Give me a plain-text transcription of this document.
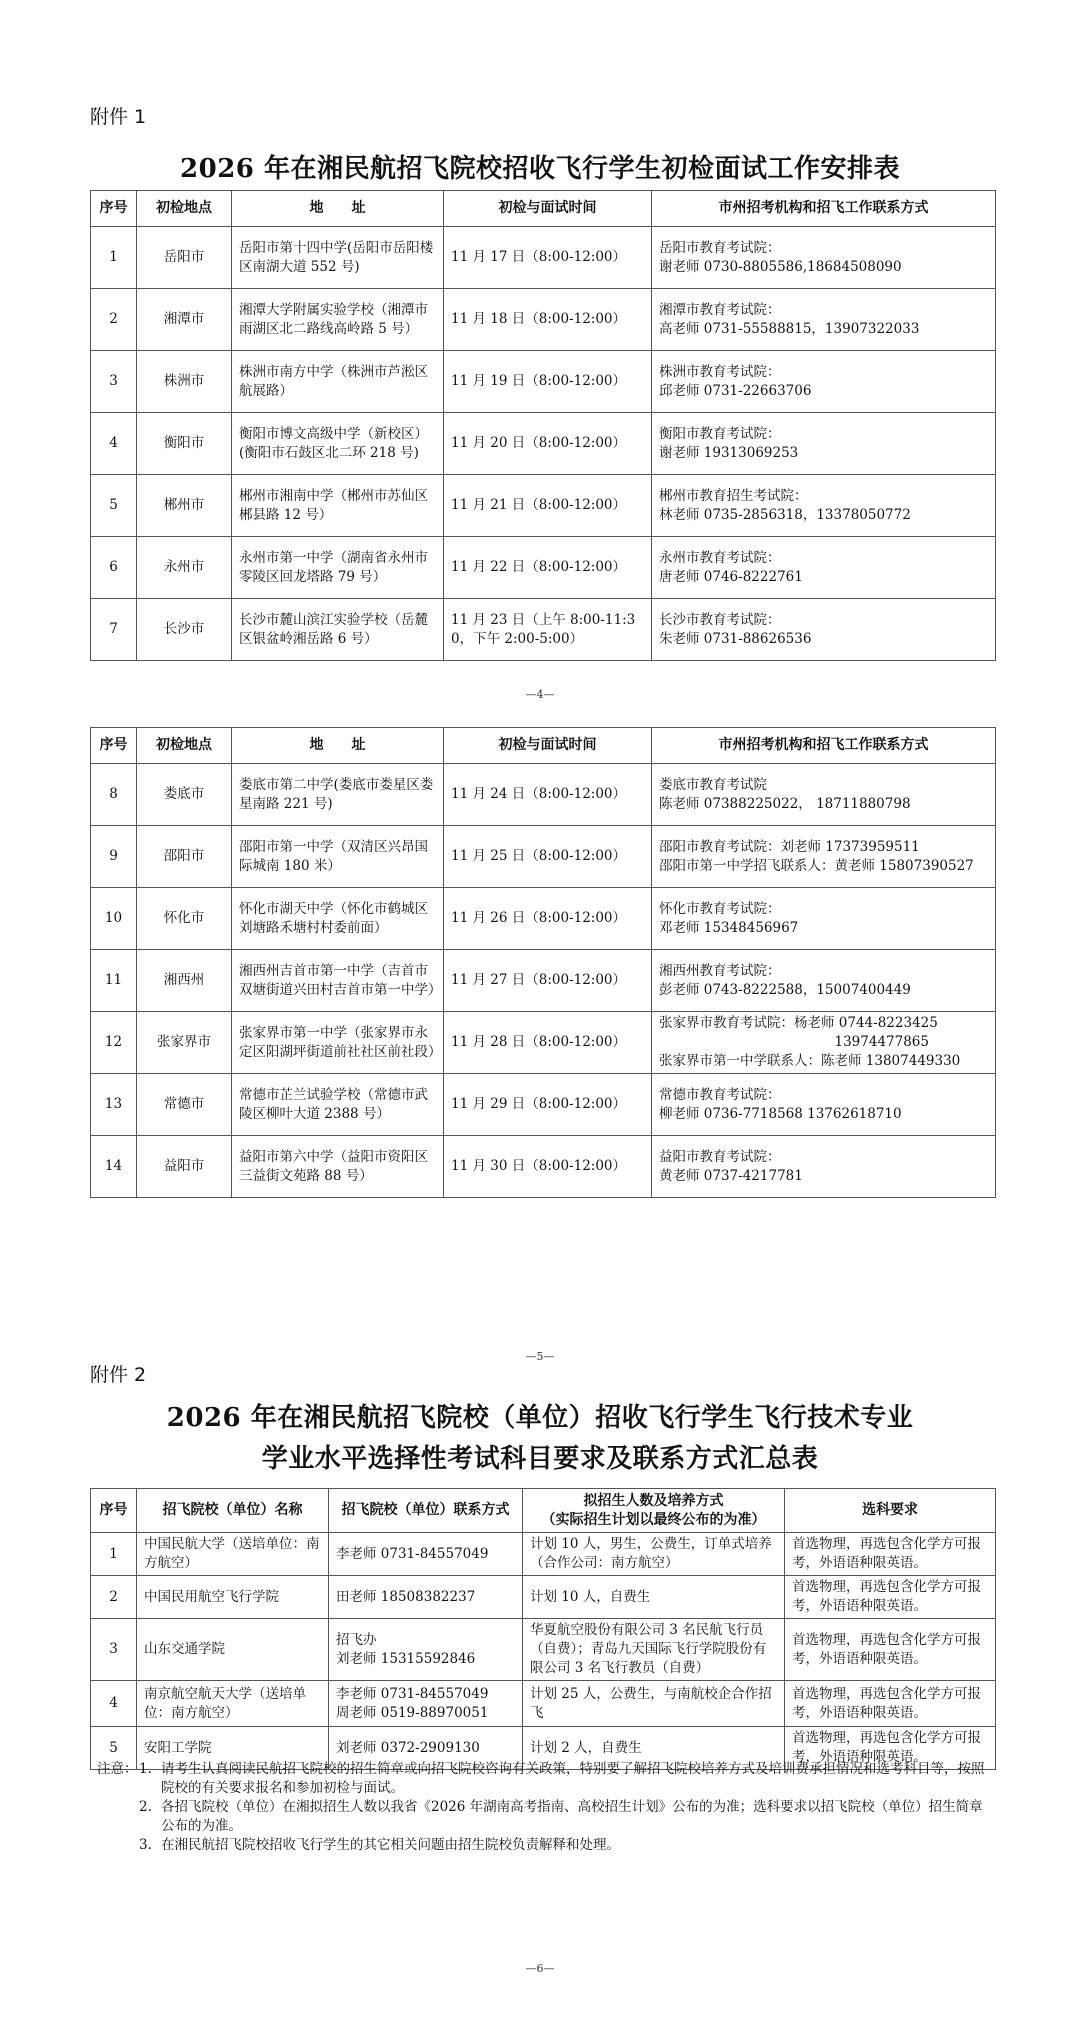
附件 1
2026 年在湘民航招飞院校招收飞行学生初检面试工作安排表
序号	初检地点	地　　址	初检与面试时间	市州招考机构和招飞工作联系方式
1	岳阳市	岳阳市第十四中学(岳阳市岳阳楼区南湖大道 552 号)	11 月 17 日（8:00-12:00）	岳阳市教育考试院：
谢老师 0730-8805586,18684508090
2	湘潭市	湘潭大学附属实验学校（湘潭市雨湖区北二路线高岭路 5 号）	11 月 18 日（8:00-12:00）	湘潭市教育考试院：
高老师 0731-55588815，13907322033
3	株洲市	株洲市南方中学（株洲市芦淞区航展路）	11 月 19 日（8:00-12:00）	株洲市教育考试院：
邱老师 0731-22663706
4	衡阳市	衡阳市博文高级中学（新校区）(衡阳市石鼓区北二环 218 号)	11 月 20 日（8:00-12:00）	衡阳市教育考试院：
谢老师 19313069253
5	郴州市	郴州市湘南中学（郴州市苏仙区郴县路 12 号）	11 月 21 日（8:00-12:00）	郴州市教育招生考试院：
林老师 0735-2856318，13378050772
6	永州市	永州市第一中学（湖南省永州市零陵区回龙塔路 79 号）	11 月 22 日（8:00-12:00）	永州市教育考试院：
唐老师 0746-8222761
7	长沙市	长沙市麓山滨江实验学校（岳麓区银盆岭湘岳路 6 号）	11 月 23 日（上午 8:00-11:30，下午 2:00-5:00）	长沙市教育考试院：
朱老师 0731-88626536
—4—
序号	初检地点	地　　址	初检与面试时间	市州招考机构和招飞工作联系方式
8	娄底市	娄底市第二中学(娄底市娄星区娄星南路 221 号)	11 月 24 日（8:00-12:00）	娄底市教育考试院
陈老师 07388225022， 18711880798
9	邵阳市	邵阳市第一中学（双清区兴昂国际城南 180 米）	11 月 25 日（8:00-12:00）	邵阳市教育考试院：刘老师 17373959511
邵阳市第一中学招飞联系人：黄老师 15807390527
10	怀化市	怀化市湖天中学（怀化市鹤城区刘塘路禾塘村村委前面）	11 月 26 日（8:00-12:00）	怀化市教育考试院：
邓老师 15348456967
11	湘西州	湘西州吉首市第一中学（吉首市双塘街道兴田村吉首市第一中学）	11 月 27 日（8:00-12:00）	湘西州教育考试院：
彭老师 0743-8222588，15007400449
12	张家界市	张家界市第一中学（张家界市永定区阳湖坪街道前社社区前社段）	11 月 28 日（8:00-12:00）	张家界市教育考试院：杨老师 0744-8223425
　　　　　　　　　　　　　13974477865
张家界市第一中学联系人：陈老师 13807449330
13	常德市	常德市芷兰试验学校（常德市武陵区柳叶大道 2388 号）	11 月 29 日（8:00-12:00）	常德市教育考试院：
柳老师 0736-7718568 13762618710
14	益阳市	益阳市第六中学（益阳市资阳区三益街文苑路 88 号）	11 月 30 日（8:00-12:00）	益阳市教育考试院：
黄老师 0737-4217781
—5—
附件 2
2026 年在湘民航招飞院校（单位）招收飞行学生飞行技术专业
学业水平选择性考试科目要求及联系方式汇总表
序号	招飞院校（单位）名称	招飞院校（单位）联系方式	拟招生人数及培养方式
（实际招生计划以最终公布的为准）	选科要求
1	中国民航大学（送培单位：南方航空）	李老师 0731-84557049	计划 10 人，男生，公费生，订单式培养（合作公司：南方航空）	首选物理，再选包含化学方可报考，外语语种限英语。
2	中国民用航空飞行学院	田老师 18508382237	计划 10 人，自费生	首选物理，再选包含化学方可报考，外语语种限英语。
3	山东交通学院	招飞办
刘老师 15315592846	华夏航空股份有限公司 3 名民航飞行员（自费）；青岛九天国际飞行学院股份有限公司 3 名飞行教员（自费）	首选物理，再选包含化学方可报考，外语语种限英语。
4	南京航空航天大学（送培单位：南方航空）	李老师 0731-84557049
周老师 0519-88970051	计划 25 人，公费生，与南航校企合作招飞	首选物理，再选包含化学方可报考，外语语种限英语。
5	安阳工学院	刘老师 0372-2909130	计划 2 人，自费生	首选物理，再选包含化学方可报考，外语语种限英语。
注意： 1. 请考生认真阅读民航招飞院校的招生简章或向招飞院校咨询有关政策，特别要了解招飞院校培养方式及培训费承担情况和选考科目等，按照院校的有关要求报名和参加初检与面试。
2. 各招飞院校（单位）在湘拟招生人数以我省《2026 年湖南高考指南、高校招生计划》公布的为准；选科要求以招飞院校（单位）招生简章公布的为准。
3. 在湘民航招飞院校招收飞行学生的其它相关问题由招生院校负责解释和处理。
—6—
